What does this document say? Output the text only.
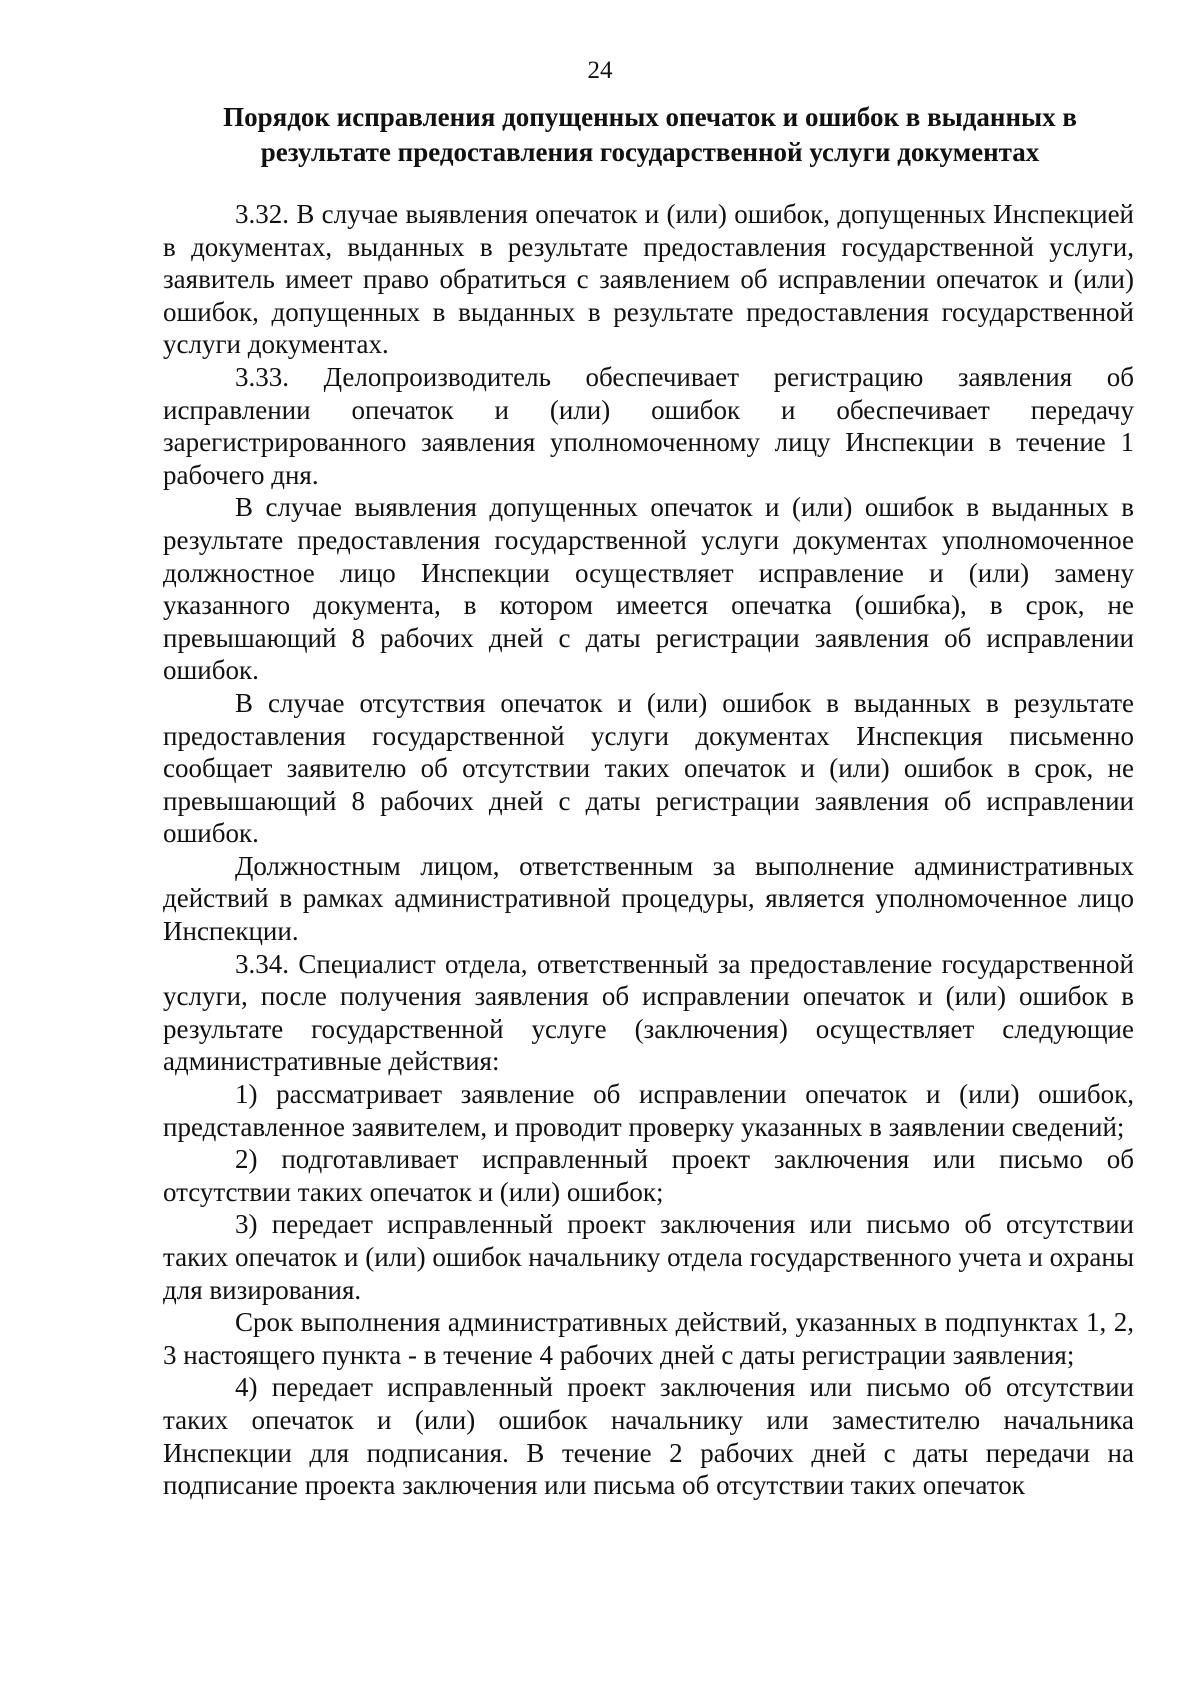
24
Порядок исправления допущенных опечаток и ошибок в выданных в
результате предоставления государственной услуги документах

3.32. В случае выявления опечаток и (или) ошибок, допущенных Инспекцией в документах, выданных в результате предоставления государственной услуги, заявитель имеет право обратиться с заявлением об исправлении опечаток и (или) ошибок, допущенных в выданных в результате предоставления государственной услуги документах.

3.33. Делопроизводитель обеспечивает регистрацию заявления об исправлении опечаток и (или) ошибок и обеспечивает передачу зарегистрированного заявления уполномоченному лицу Инспекции в течение 1 рабочего дня.

В случае выявления допущенных опечаток и (или) ошибок в выданных в результате предоставления государственной услуги документах уполномоченное должностное лицо Инспекции осуществляет исправление и (или) замену указанного документа, в котором имеется опечатка (ошибка), в срок, не превышающий 8 рабочих дней с даты регистрации заявления об исправлении ошибок.

В случае отсутствия опечаток и (или) ошибок в выданных в результате предоставления государственной услуги документах Инспекция письменно сообщает заявителю об отсутствии таких опечаток и (или) ошибок в срок, не превышающий 8 рабочих дней с даты регистрации заявления об исправлении ошибок.

Должностным лицом, ответственным за выполнение административных действий в рамках административной процедуры, является уполномоченное лицо Инспекции.

3.34. Специалист отдела, ответственный за предоставление государственной услуги, после получения заявления об исправлении опечаток и (или) ошибок в результате государственной услуге (заключения) осуществляет следующие административные действия:

1) рассматривает заявление об исправлении опечаток и (или) ошибок, представленное заявителем, и проводит проверку указанных в заявлении сведений;

2) подготавливает исправленный проект заключения или письмо об отсутствии таких опечаток и (или) ошибок;

3) передает исправленный проект заключения или письмо об отсутствии таких опечаток и (или) ошибок начальнику отдела государственного учета и охраны для визирования.

Срок выполнения административных действий, указанных в подпунктах 1, 2, 3 настоящего пункта - в течение 4 рабочих дней с даты регистрации заявления;

4) передает исправленный проект заключения или письмо об отсутствии таких опечаток и (или) ошибок начальнику или заместителю начальника Инспекции для подписания. В течение 2 рабочих дней с даты передачи на подписание проекта заключения или письма об отсутствии таких опечаток
